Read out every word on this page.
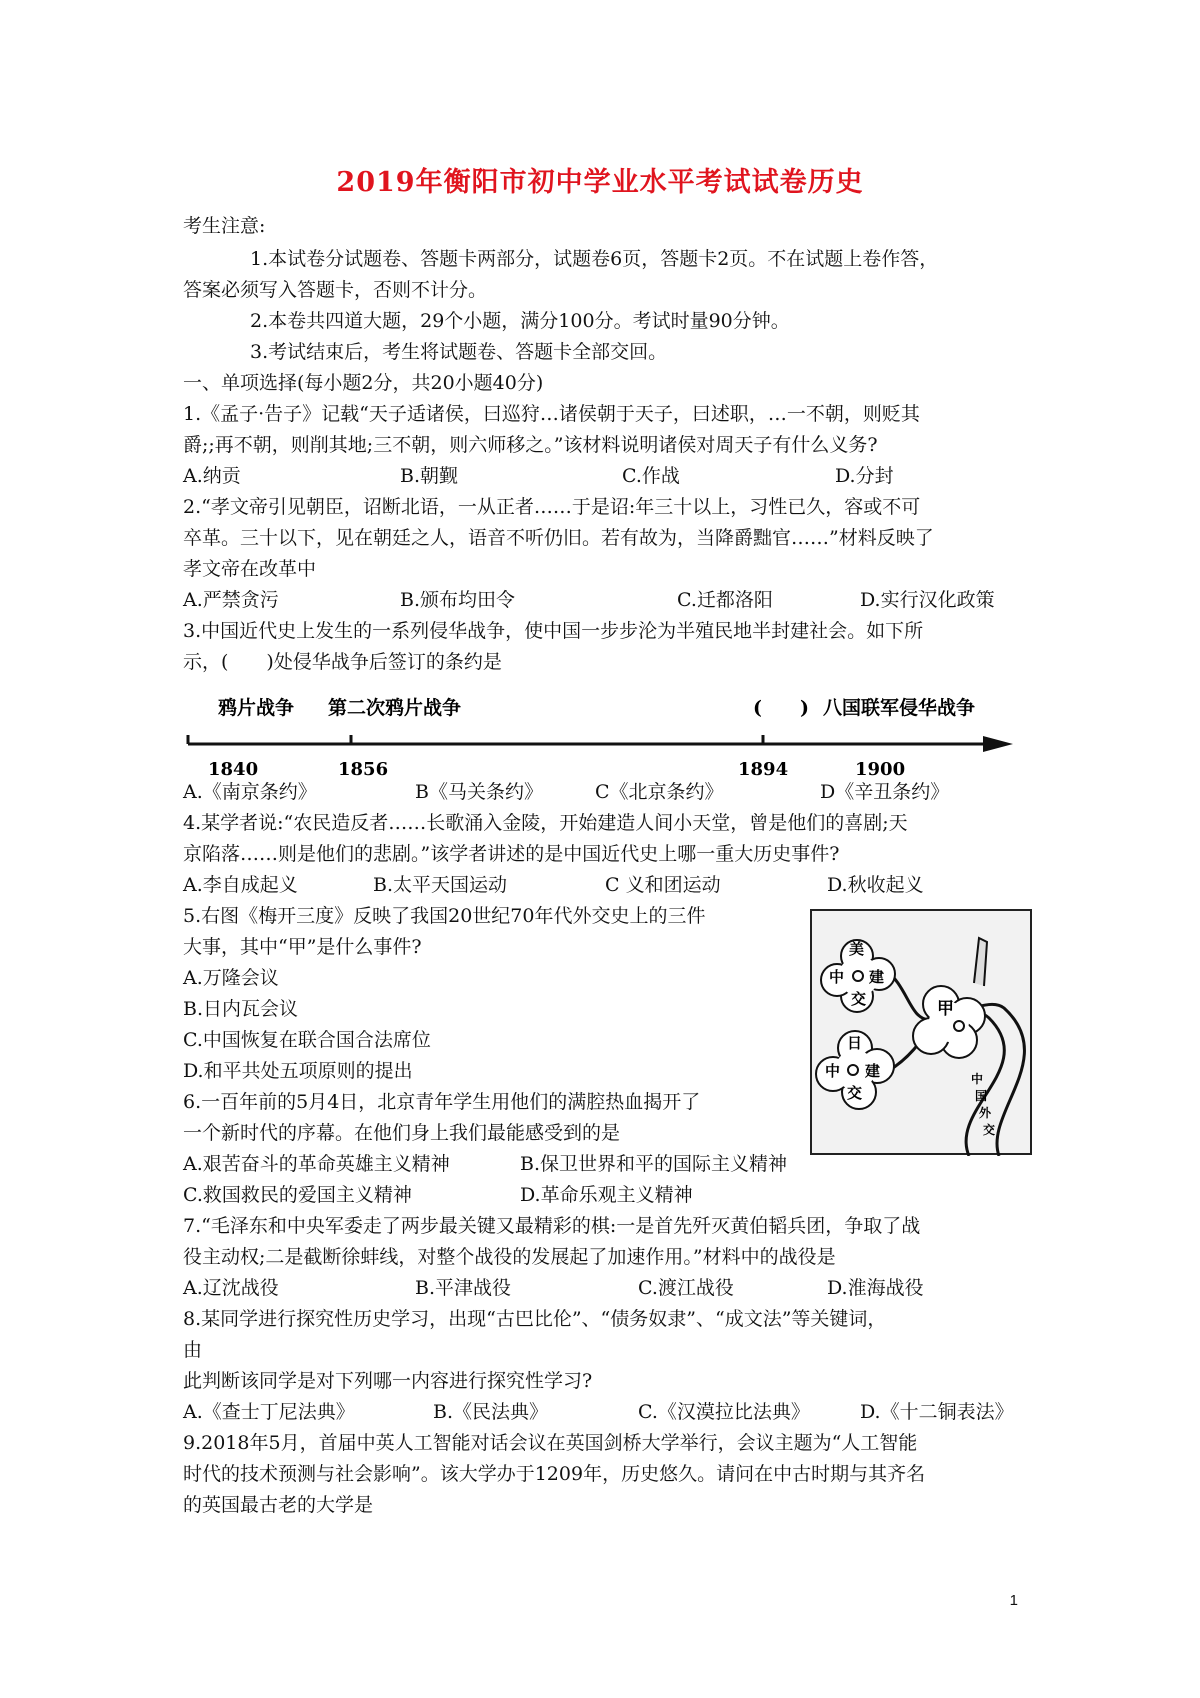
2019年衡阳市初中学业水平考试试卷历史
考生注意:
1.本试卷分试题卷、答题卡两部分，试题卷6页，答题卡2页。不在试题上卷作答，
答案必须写入答题卡，否则不计分。
2.本卷共四道大题，29个小题，满分100分。考试时量90分钟。
3.考试结束后，考生将试题卷、答题卡全部交回。
一、单项选择(每小题2分，共20小题40分)
1.《孟子·告子》记载“天子适诸侯，曰巡狩…诸侯朝于天子，曰述职，…一不朝，则贬其
爵;;再不朝，则削其地;三不朝，则六师移之。”该材料说明诸侯对周天子有什么义务?
A.纳贡	B.朝觐	C.作战	D.分封
2.“孝文帝引见朝臣，诏断北语，一从正者……于是诏:年三十以上，习性已久，容或不可
卒革。三十以下，见在朝廷之人，语音不听仍旧。若有故为，当降爵黜官……”材料反映了
孝文帝在改革中
A.严禁贪污	B.颁布均田令	C.迁都洛阳	D.实行汉化政策
3.中国近代史上发生的一系列侵华战争，使中国一步步沦为半殖民地半封建社会。如下所
示，(　　)处侵华战争后签订的条约是
鸦片战争 第二次鸦片战争	(　　) 八国联军侵华战争
1840	1856	1894	1900
A.《南京条约》	B《马关条约》	C《北京条约》	D《辛丑条约》
4.某学者说:“农民造反者……长歌涌入金陵，开始建造人间小天堂，曾是他们的喜剧;天
京陷落……则是他们的悲剧。”该学者讲述的是中国近代史上哪一重大历史事件?
A.李自成起义	B.太平天国运动	C 义和团运动	D.秋收起义
5.右图《梅开三度》反映了我国20世纪70年代外交史上的三件
大事，其中“甲”是什么事件?
A.万隆会议
B.日内瓦会议
C.中国恢复在联合国合法席位
D.和平共处五项原则的提出
美
中 建
交	甲
日
中 建
交
中
国
外
交
6.一百年前的5月4日，北京青年学生用他们的满腔热血揭开了
一个新时代的序幕。在他们身上我们最能感受到的是
A.艰苦奋斗的革命英雄主义精神	B.保卫世界和平的国际主义精神
C.救国救民的爱国主义精神	D.革命乐观主义精神
7.“毛泽东和中央军委走了两步最关键又最精彩的棋:一是首先歼灭黄伯韬兵团，争取了战
役主动权;二是截断徐蚌线，对整个战役的发展起了加速作用。”材料中的战役是
A.辽沈战役	B.平津战役	C.渡江战役	D.淮海战役
8.某同学进行探究性历史学习，出现“古巴比伦”、“债务奴隶”、“成文法”等关键词，
由
此判断该同学是对下列哪一内容进行探究性学习?
A.《查士丁尼法典》	B.《民法典》	C.《汉漠拉比法典》	D.《十二铜表法》
9.2018年5月，首届中英人工智能对话会议在英国剑桥大学举行，会议主题为“人工智能
时代的技术预测与社会影响”。该大学办于1209年，历史悠久。请问在中古时期与其齐名
的英国最古老的大学是
1
